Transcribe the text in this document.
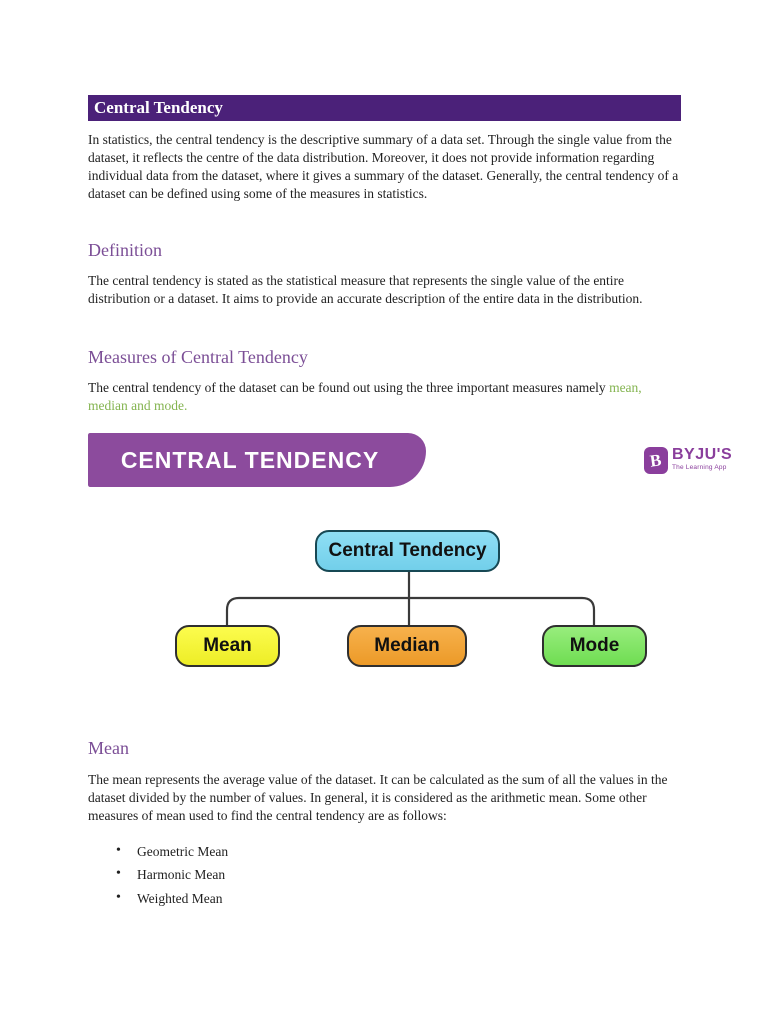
Central Tendency

In statistics, the central tendency is the descriptive summary of a data set. Through the single value from the dataset, it reflects the centre of the data distribution. Moreover, it does not provide information regarding individual data from the dataset, where it gives a summary of the dataset. Generally, the central tendency of a dataset can be defined using some of the measures in statistics.

Definition

The central tendency is stated as the statistical measure that represents the single value of the entire distribution or a dataset. It aims to provide an accurate description of the entire data in the distribution.

Measures of Central Tendency

The central tendency of the dataset can be found out using the three important measures namely mean, median and mode.

CENTRAL TENDENCY	B BYJU'S
The Learning App
Central Tendency
Mean	Median	Mode
Mean

The mean represents the average value of the dataset. It can be calculated as the sum of all the values in the dataset divided by the number of values. In general, it is considered as the arithmetic mean. Some other measures of mean used to find the central tendency are as follows:

• Geometric Mean
• Harmonic Mean
• Weighted Mean
